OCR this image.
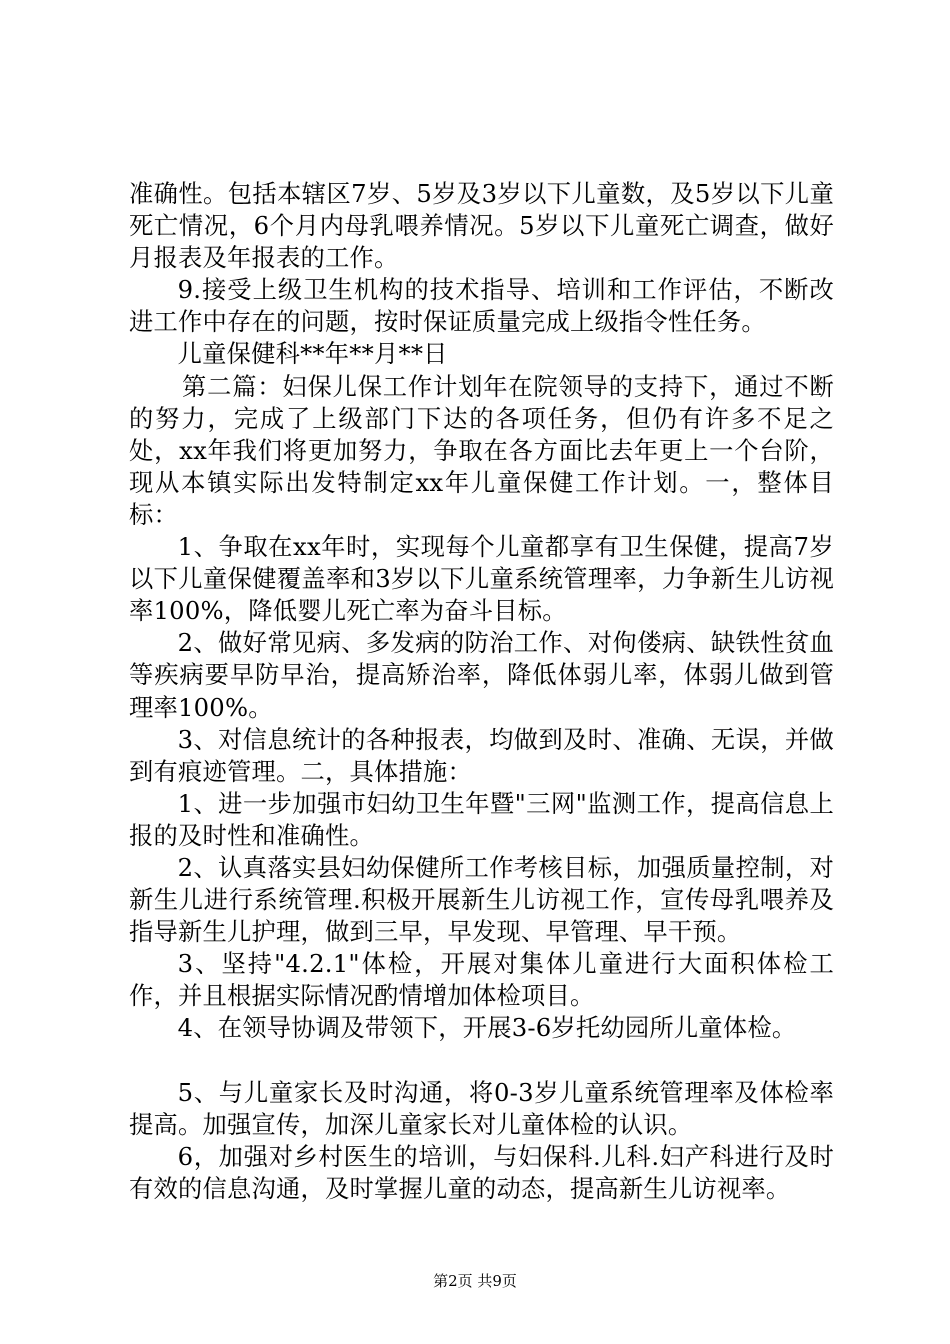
准确性。包括本辖区7岁、5岁及3岁以下儿童数，及5岁以下儿童死亡情况，6个月内母乳喂养情况。5岁以下儿童死亡调查，做好月报表及年报表的工作。

9.接受上级卫生机构的技术指导、培训和工作评估，不断改进工作中存在的问题，按时保证质量完成上级指令性任务。

儿童保健科**年**月**日

第二篇：妇保儿保工作计划年在院领导的支持下，通过不断的努力，完成了上级部门下达的各项任务，但仍有许多不足之处，xx年我们将更加努力，争取在各方面比去年更上一个台阶，现从本镇实际出发特制定xx年儿童保健工作计划。一，整体目标：

1、争取在xx年时，实现每个儿童都享有卫生保健，提高7岁以下儿童保健覆盖率和3岁以下儿童系统管理率，力争新生儿访视率100%，降低婴儿死亡率为奋斗目标。

2、做好常见病、多发病的防治工作、对佝偻病、缺铁性贫血等疾病要早防早治，提高矫治率，降低体弱儿率，体弱儿做到管理率100%。

3、对信息统计的各种报表，均做到及时、准确、无误，并做到有痕迹管理。二，具体措施：

1、进一步加强市妇幼卫生年暨"三网"监测工作，提高信息上报的及时性和准确性。

2、认真落实县妇幼保健所工作考核目标，加强质量控制，对新生儿进行系统管理.积极开展新生儿访视工作，宣传母乳喂养及指导新生儿护理，做到三早，早发现、早管理、早干预。

3、坚持"4.2.1"体检，开展对集体儿童进行大面积体检工作，并且根据实际情况酌情增加体检项目。

4、在领导协调及带领下，开展3-6岁托幼园所儿童体检。

5、与儿童家长及时沟通，将0-3岁儿童系统管理率及体检率提高。加强宣传，加深儿童家长对儿童体检的认识。

6，加强对乡村医生的培训，与妇保科.儿科.妇产科进行及时有效的信息沟通，及时掌握儿童的动态，提高新生儿访视率。

第2页 共9页
